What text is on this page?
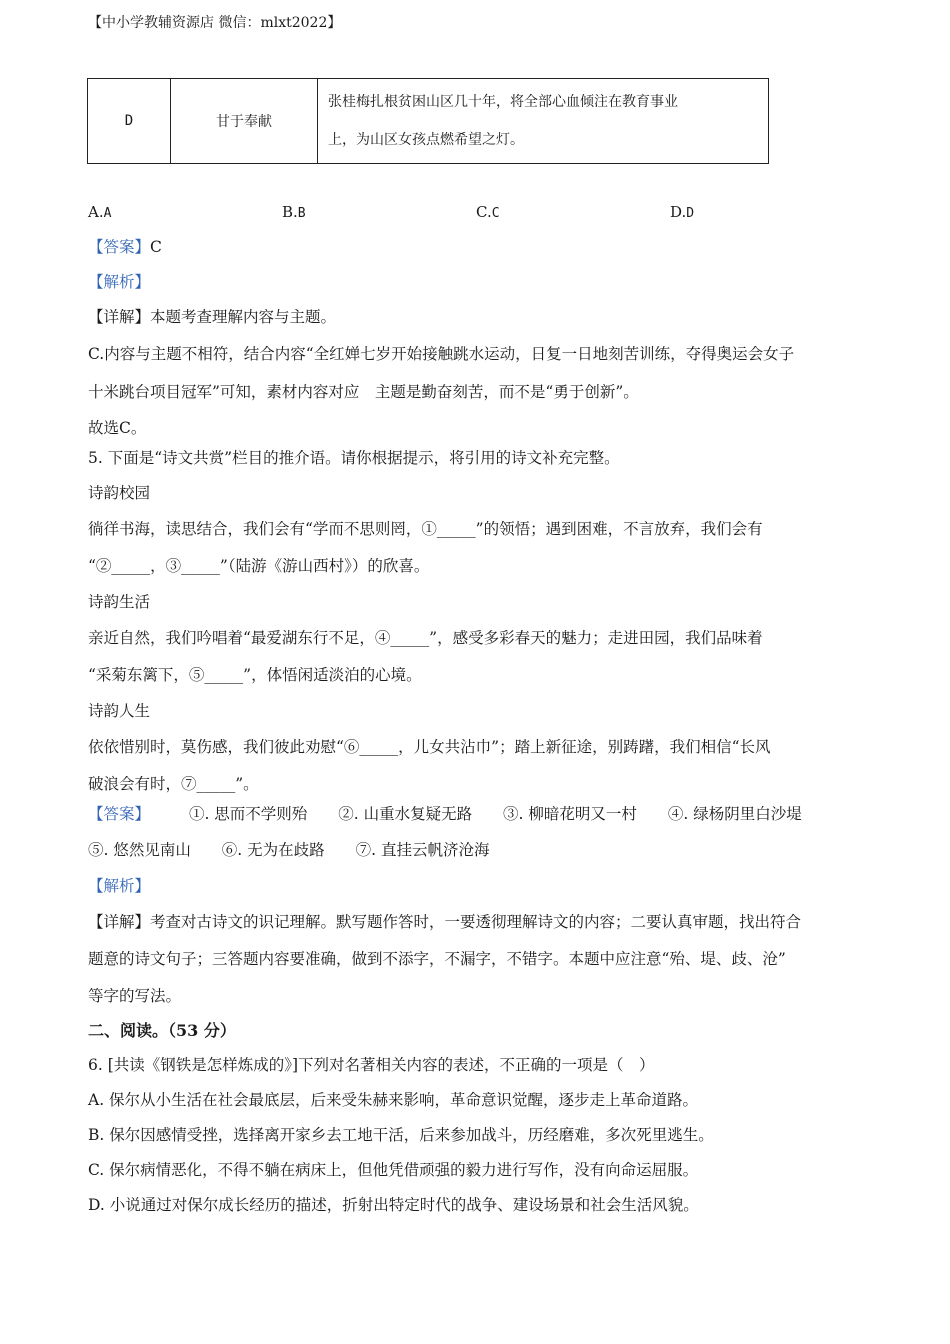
【中小学教辅资源店 微信：mlxt2022】
D	甘于奉献	
张桂梅扎根贫困山区几十年，将全部心血倾注在教育事业
上，为山区女孩点燃希望之灯。
A.A	B.B	C.C	D.D
【答案】C
【解析】
【详解】本题考查理解内容与主题。
C.内容与主题不相符，结合内容“全红婵七岁开始接触跳水运动，日复一日地刻苦训练，夺得奥运会女子
十米跳台项目冠军”可知，素材内容对应　主题是勤奋刻苦，而不是“勇于创新”。
故选C。
5. 下面是“诗文共赏”栏目的推介语。请你根据提示，将引用的诗文补充完整。
诗韵校园
徜徉书海，读思结合，我们会有“学而不思则罔，①_____”的领悟；遇到困难，不言放弃，我们会有
“②_____，③_____”（陆游《游山西村》）的欣喜。
诗韵生活
亲近自然，我们吟唱着“最爱湖东行不足，④_____”，感受多彩春天的魅力；走进田园，我们品味着
“采菊东篱下，⑤_____”，体悟闲适淡泊的心境。
诗韵人生
依依惜别时，莫伤感，我们彼此劝慰“⑥_____，儿女共沾巾”；踏上新征途，别踌躇，我们相信“长风
破浪会有时，⑦_____”。
【答案】	①. 思而不学则殆 ②. 山重水复疑无路 ③. 柳暗花明又一村 ④. 绿杨阴里白沙堤
⑤. 悠然见南山 ⑥. 无为在歧路 ⑦. 直挂云帆济沧海
【解析】
【详解】考查对古诗文的识记理解。默写题作答时，一要透彻理解诗文的内容；二要认真审题，找出符合
题意的诗文句子；三答题内容要准确，做到不添字，不漏字，不错字。本题中应注意“殆、堤、歧、沧”
等字的写法。
二、阅读。（53 分）
6. [共读《钢铁是怎样炼成的》]下列对名著相关内容的表述，不正确的一项是（　）
A. 保尔从小生活在社会最底层，后来受朱赫来影响，革命意识觉醒，逐步走上革命道路。
B. 保尔因感情受挫，选择离开家乡去工地干活，后来参加战斗，历经磨难，多次死里逃生。
C. 保尔病情恶化，不得不躺在病床上，但他凭借顽强的毅力进行写作，没有向命运屈服。
D. 小说通过对保尔成长经历的描述，折射出特定时代的战争、建设场景和社会生活风貌。
